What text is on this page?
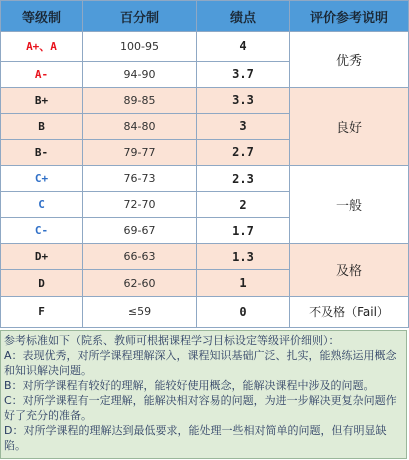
等级制	百分制	绩点	评价参考说明
A+、A	100-95	4	优秀
A-	94-90	3.7	
B+	89-85	3.3	良好
B	84-80	3	
B-	79-77	2.7	
C+	76-73	2.3	一般
C	72-70	2	
C-	69-67	1.7	
D+	66-63	1.3	及格
D	62-60	1	
F	≤59	0	不及格（Fail）
参考标准如下（院系、教师可根据课程学习目标设定等级评价细则）：
A：表现优秀，对所学课程理解深入，课程知识基础广泛、扎实，能熟练运用概念和知识解决问题。
B：对所学课程有较好的理解，能较好使用概念，能解决课程中涉及的问题。
C：对所学课程有一定理解，能解决相对容易的问题，为进一步解决更复杂问题作好了充分的准备。
D：对所学课程的理解达到最低要求，能处理一些相对简单的问题，但有明显缺陷。
